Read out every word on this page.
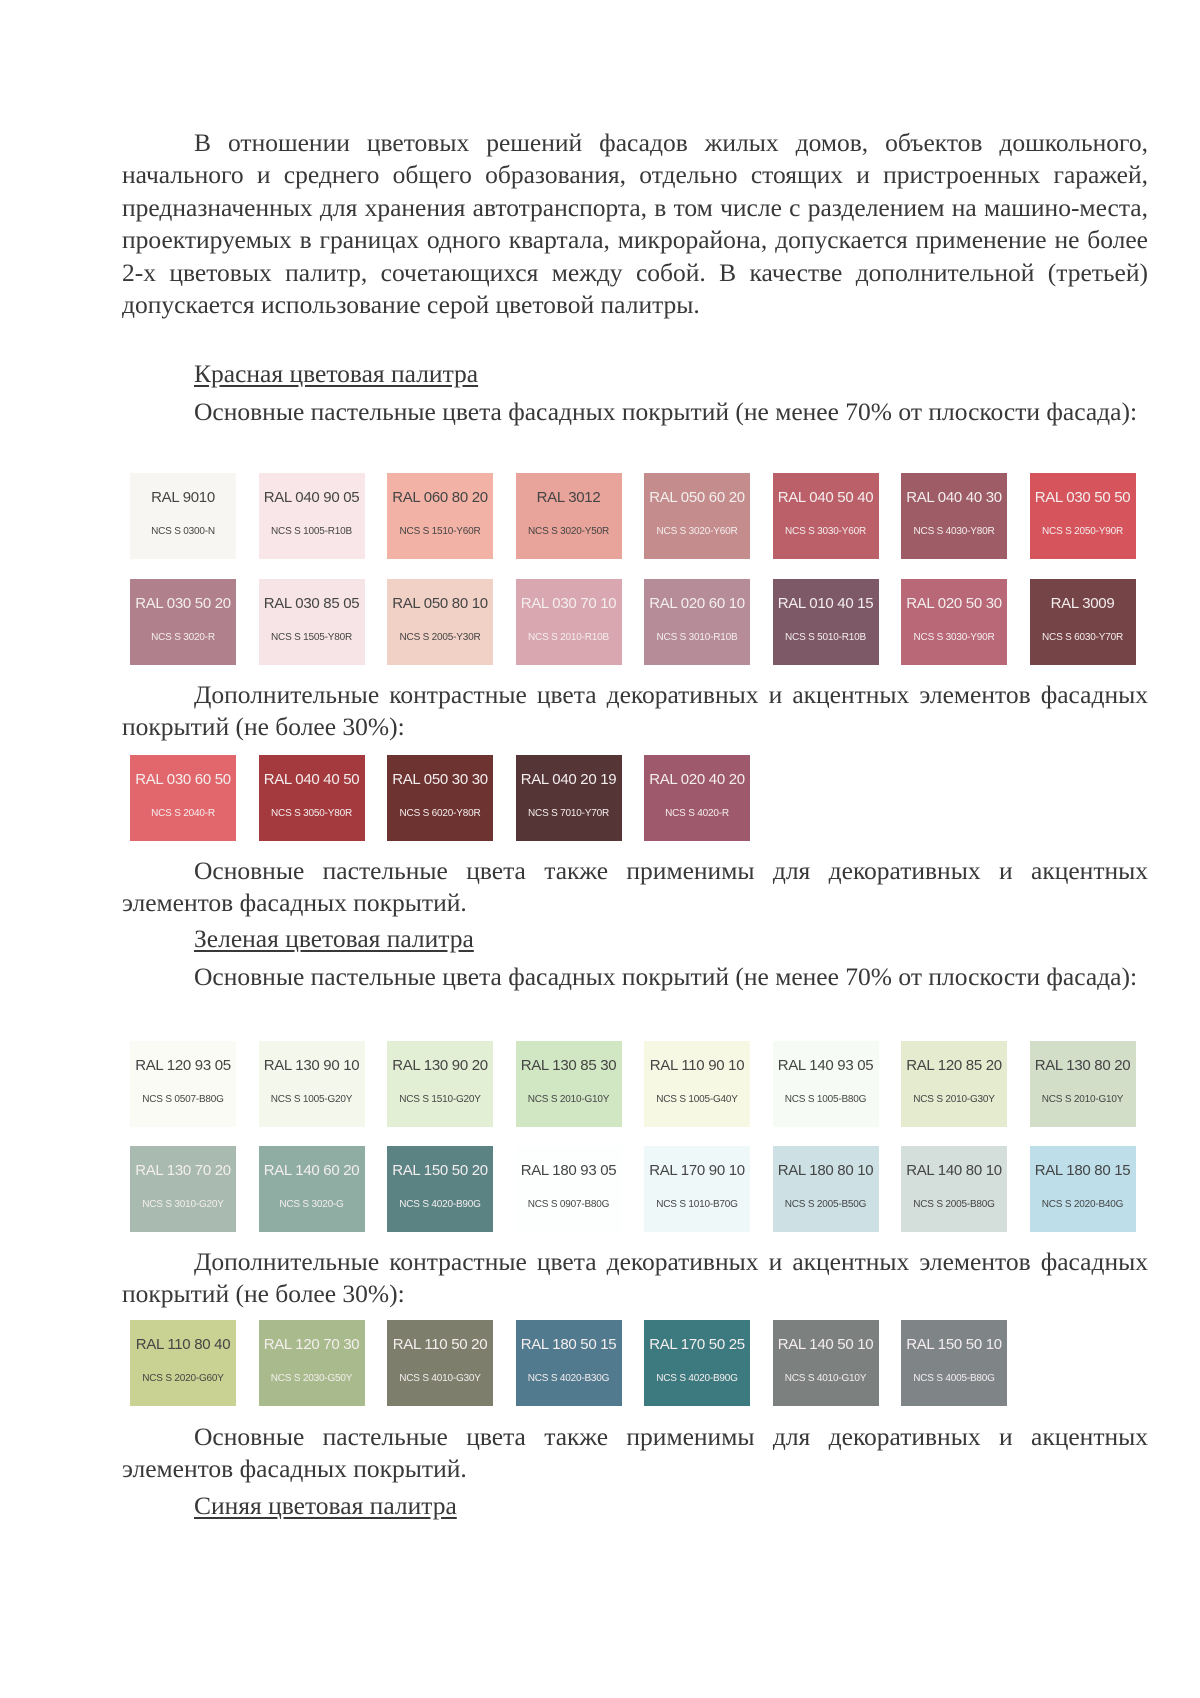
В отношении цветовых решений фасадов жилых домов, объектов дошкольного, начального и среднего общего образования, отдельно стоящих и пристроенных гаражей, предназначенных для хранения автотранспорта, в том числе с разделением на машино-места, проектируемых в границах одного квартала, микрорайона, допускается применение не более 2-х цветовых палитр, сочетающихся между собой. В качестве дополнительной (третьей) допускается использование серой цветовой палитры.

Красная цветовая палитра

Основные пастельные цвета фасадных покрытий (не менее 70% от плоскости фасада):

RAL 9010
NCS S 0300-N
RAL 040 90 05
NCS S 1005-R10B
RAL 060 80 20
NCS S 1510-Y60R
RAL 3012
NCS S 3020-Y50R
RAL 050 60 20
NCS S 3020-Y60R
RAL 040 50 40
NCS S 3030-Y60R
RAL 040 40 30
NCS S 4030-Y80R
RAL 030 50 50
NCS S 2050-Y90R
RAL 030 50 20
NCS S 3020-R
RAL 030 85 05
NCS S 1505-Y80R
RAL 050 80 10
NCS S 2005-Y30R
RAL 030 70 10
NCS S 2010-R10B
RAL 020 60 10
NCS S 3010-R10B
RAL 010 40 15
NCS S 5010-R10B
RAL 020 50 30
NCS S 3030-Y90R
RAL 3009
NCS S 6030-Y70R

Дополнительные контрастные цвета декоративных и акцентных элементов фасадных покрытий (не более 30%):

RAL 030 60 50
NCS S 2040-R
RAL 040 40 50
NCS S 3050-Y80R
RAL 050 30 30
NCS S 6020-Y80R
RAL 040 20 19
NCS S 7010-Y70R
RAL 020 40 20
NCS S 4020-R

Основные пастельные цвета также применимы для декоративных и акцентных элементов фасадных покрытий.

Зеленая цветовая палитра

Основные пастельные цвета фасадных покрытий (не менее 70% от плоскости фасада):

RAL 120 93 05
NCS S 0507-B80G
RAL 130 90 10
NCS S 1005-G20Y
RAL 130 90 20
NCS S 1510-G20Y
RAL 130 85 30
NCS S 2010-G10Y
RAL 110 90 10
NCS S 1005-G40Y
RAL 140 93 05
NCS S 1005-B80G
RAL 120 85 20
NCS S 2010-G30Y
RAL 130 80 20
NCS S 2010-G10Y
RAL 130 70 20
NCS S 3010-G20Y
RAL 140 60 20
NCS S 3020-G
RAL 150 50 20
NCS S 4020-B90G
RAL 180 93 05
NCS S 0907-B80G
RAL 170 90 10
NCS S 1010-B70G
RAL 180 80 10
NCS S 2005-B50G
RAL 140 80 10
NCS S 2005-B80G
RAL 180 80 15
NCS S 2020-B40G

Дополнительные контрастные цвета декоративных и акцентных элементов фасадных покрытий (не более 30%):

RAL 110 80 40
NCS S 2020-G60Y
RAL 120 70 30
NCS S 2030-G50Y
RAL 110 50 20
NCS S 4010-G30Y
RAL 180 50 15
NCS S 4020-B30G
RAL 170 50 25
NCS S 4020-B90G
RAL 140 50 10
NCS S 4010-G10Y
RAL 150 50 10
NCS S 4005-B80G

Основные пастельные цвета также применимы для декоративных и акцентных элементов фасадных покрытий.

Синяя цветовая палитра
